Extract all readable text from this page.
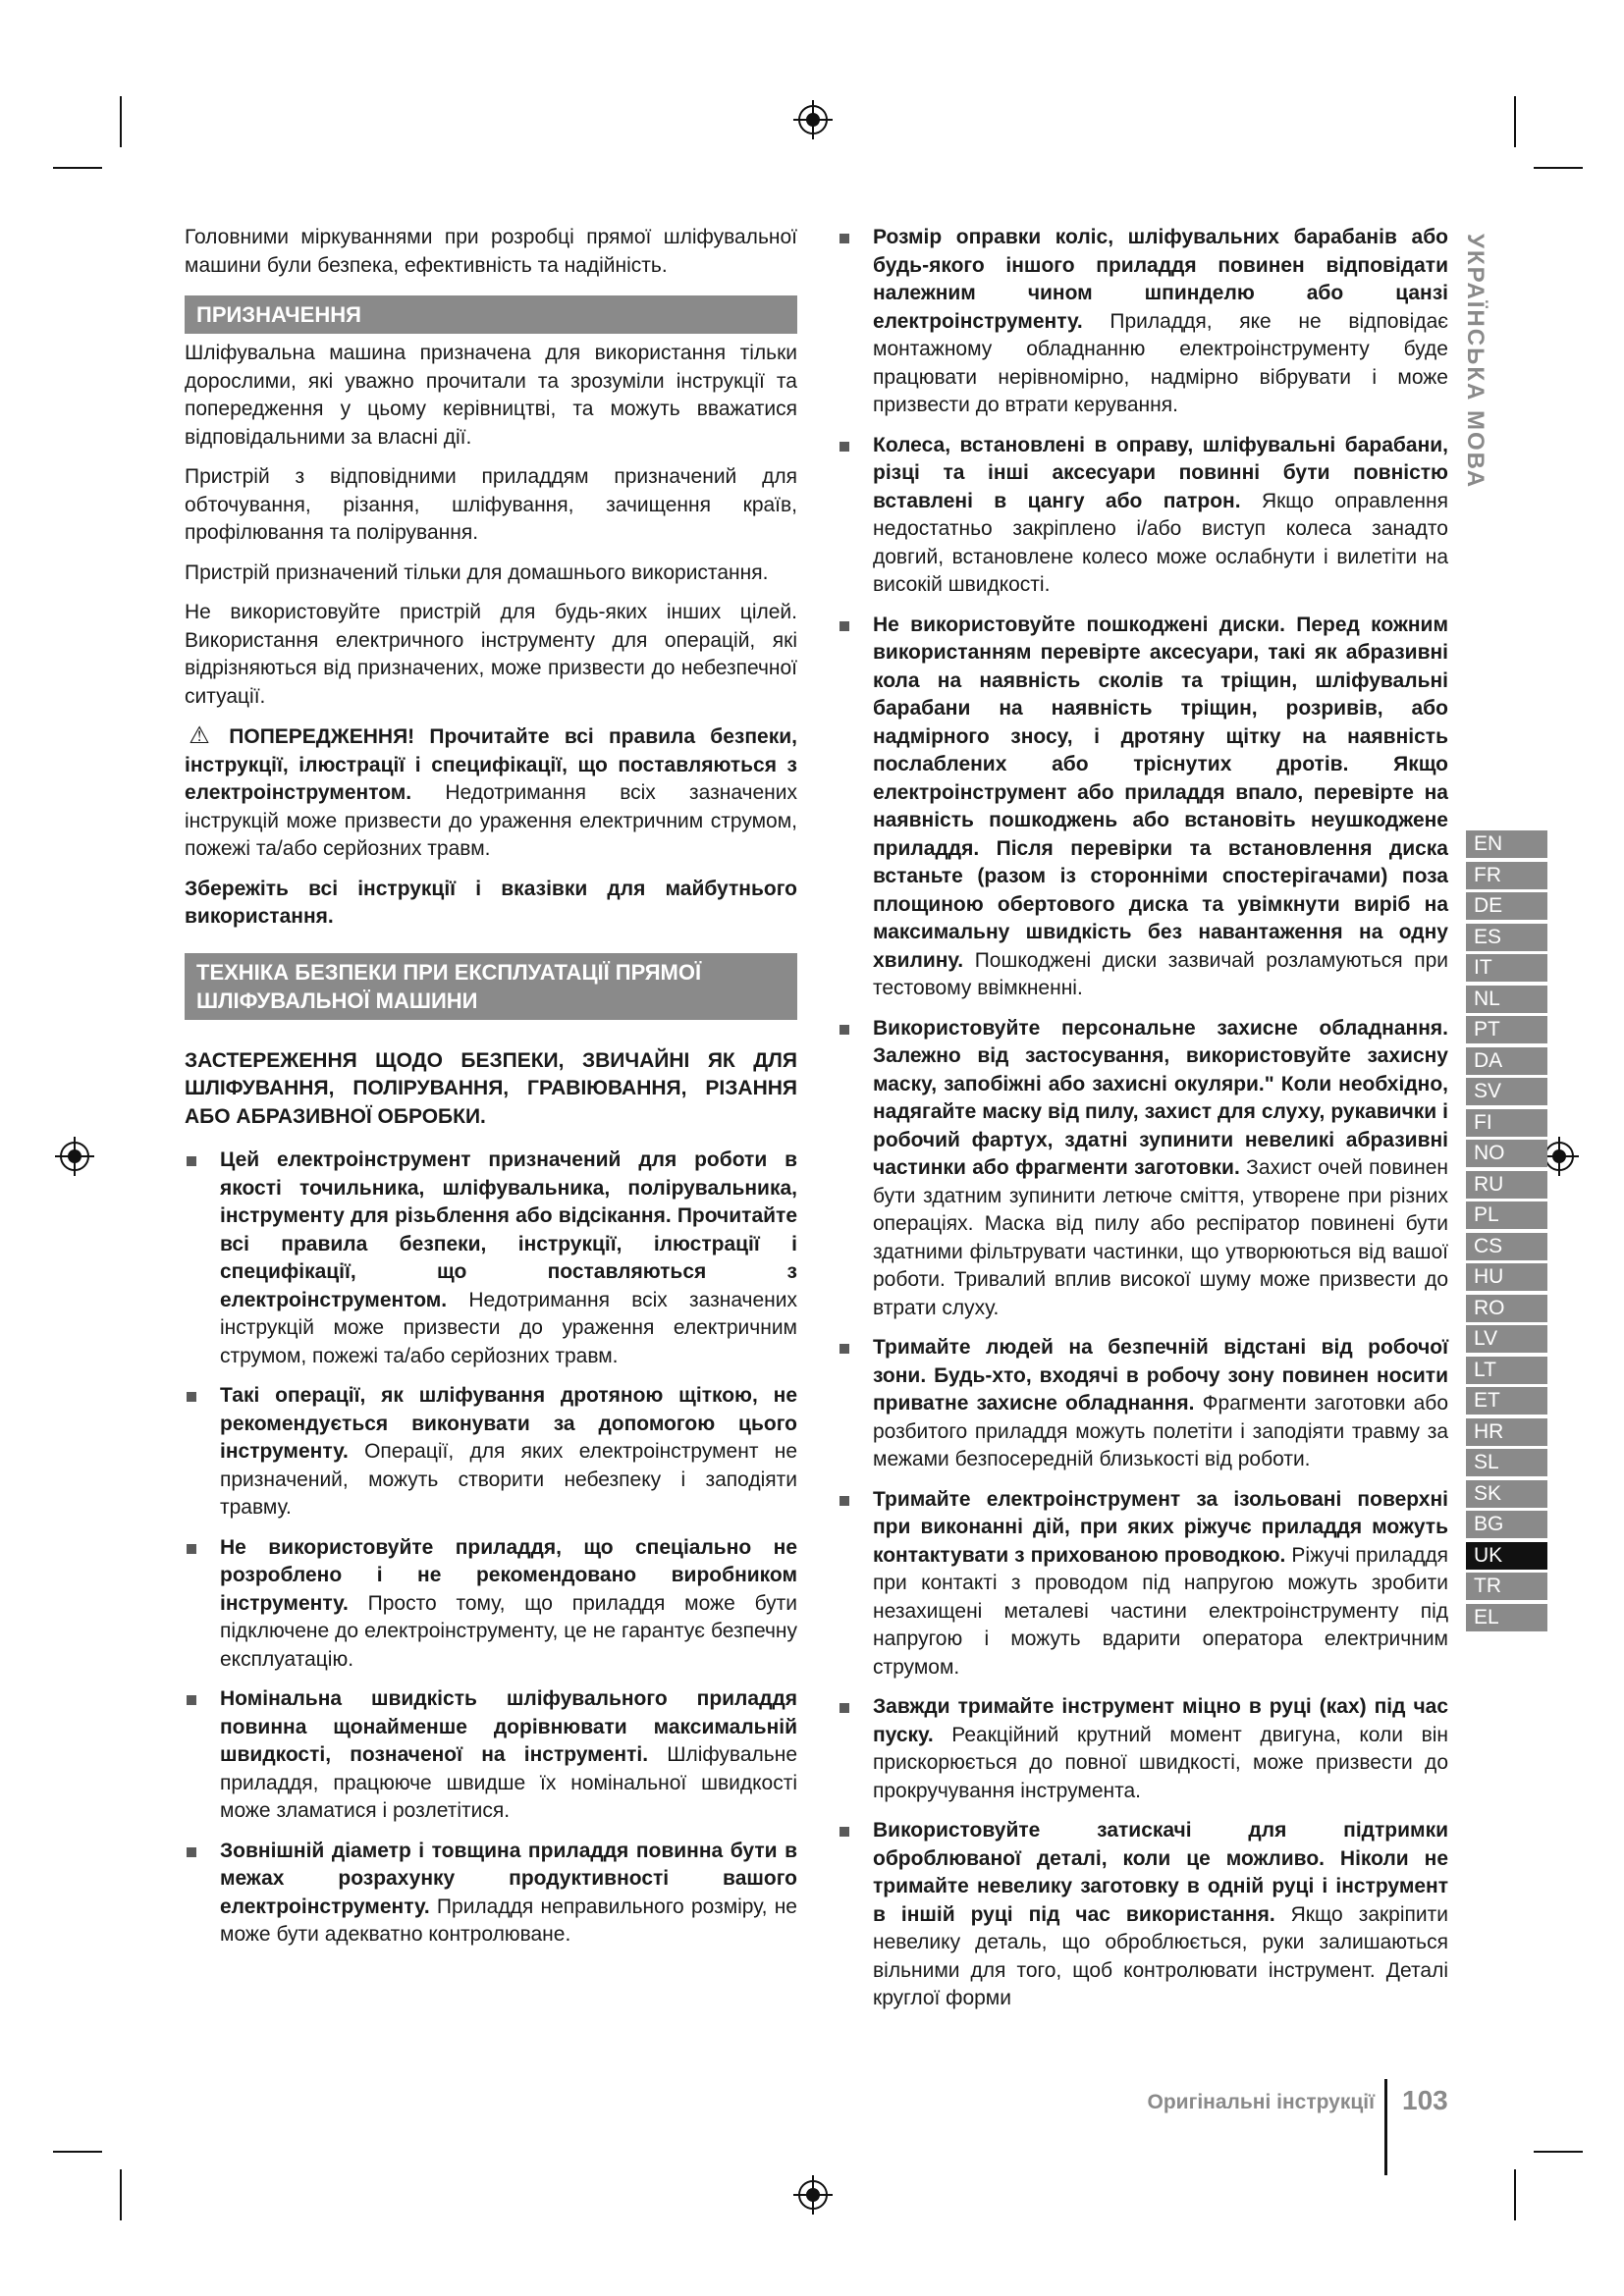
УКРАЇНСЬКА МОВА

Головними міркуваннями при розробці прямої шліфувальної машини були безпека, ефективність та надійність.

ПРИЗНАЧЕННЯ

Шліфувальна машина призначена для використання тільки дорослими, які уважно прочитали та зрозуміли інструкції та попередження у цьому керівництві, та можуть вважатися відповідальними за власні дії.

Пристрій з відповідними приладдям призначений для обточування, різання, шліфування, зачищення країв, профілювання та полірування.

Пристрій призначений тільки для домашнього використання.

Не використовуйте пристрій для будь-яких інших цілей. Використання електричного інструменту для операцій, які відрізняються від призначених, може призвести до небезпечної ситуації.

⚠ ПОПЕРЕДЖЕННЯ! Прочитайте всі правила безпеки, інструкції, ілюстрації і специфікації, що поставляються з електроінструментом. Недотримання всіх зазначених інструкцій може призвести до ураження електричним струмом, пожежі та/або серйозних травм.

Збережіть всі інструкції і вказівки для майбутнього використання.

ТЕХНІКА БЕЗПЕКИ ПРИ ЕКСПЛУАТАЦІЇ ПРЯМОЇ ШЛІФУВАЛЬНОЇ МАШИНИ

ЗАСТЕРЕЖЕННЯ ЩОДО БЕЗПЕКИ, ЗВИЧАЙНІ ЯК ДЛЯ ШЛІФУВАННЯ, ПОЛІРУВАННЯ, ГРАВІЮВАННЯ, РІЗАННЯ АБО АБРАЗИВНОЇ ОБРОБКИ.

Цей електроінструмент призначений для роботи в якості точильника, шліфувальника, полірувальника, інструменту для різьблення або відсікання. Прочитайте всі правила безпеки, інструкції, ілюстрації і специфікації, що поставляються з електроінструментом. Недотримання всіх зазначених інструкцій може призвести до ураження електричним струмом, пожежі та/або серйозних травм.
Такі операції, як шліфування дротяною щіткою, не рекомендується виконувати за допомогою цього інструменту. Операції, для яких електроінструмент не призначений, можуть створити небезпеку і заподіяти травму.
Не використовуйте приладдя, що спеціально не розроблено і не рекомендовано виробником інструменту. Просто тому, що приладдя може бути підключене до електроінструменту, це не гарантує безпечну експлуатацію.
Номінальна швидкість шліфувального приладдя повинна щонайменше дорівнювати максимальній швидкості, позначеної на інструменті. Шліфувальне приладдя, працююче швидше їх номінальної швидкості може зламатися і розлетітися.
Зовнішній діаметр і товщина приладдя повинна бути в межах розрахунку продуктивності вашого електроінструменту. Приладдя неправильного розміру, не може бути адекватно контролюване.
Розмір оправки коліс, шліфувальних барабанів або будь-якого іншого приладдя повинен відповідати належним чином шпинделю або цанзі електроінструменту. Приладдя, яке не відповідає монтажному обладнанню електроінструменту буде працювати нерівномірно, надмірно вібрувати і може призвести до втрати керування.
Колеса, встановлені в оправу, шліфувальні барабани, різці та інші аксесуари повинні бути повністю вставлені в цангу або патрон. Якщо оправлення недостатньо закріплено і/або виступ колеса занадто довгий, встановлене колесо може ослабнути і вилетіти на високій швидкості.
Не використовуйте пошкоджені диски. Перед кожним використанням перевірте аксесуари, такі як абразивні кола на наявність сколів та тріщин, шліфувальні барабани на наявність тріщин, розривів, або надмірного зносу, і дротяну щітку на наявність послаблених або тріснутих дротів. Якщо електроінструмент або приладдя впало, перевірте на наявність пошкоджень або встановіть неушкоджене приладдя. Після перевірки та встановлення диска встаньте (разом із сторонніми спостерігачами) поза площиною обертового диска та увімкнути виріб на максимальну швидкість без навантаження на одну хвилину. Пошкоджені диски зазвичай розламуються при тестовому ввімкненні.
Використовуйте персональне захисне обладнання. Залежно від застосування, використовуйте захисну маску, запобіжні або захисні окуляри." Коли необхідно, надягайте маску від пилу, захист для слуху, рукавички і робочий фартух, здатні зупинити невеликі абразивні частинки або фрагменти заготовки. Захист очей повинен бути здатним зупинити летюче сміття, утворене при різних операціях. Маска від пилу або респіратор повинені бути здатними фільтрувати частинки, що утворюються від вашої роботи. Тривалий вплив високої шуму може призвести до втрати слуху.
Тримайте людей на безпечній відстані від робочої зони. Будь-хто, входячі в робочу зону повинен носити приватне захисне обладнання. Фрагменти заготовки або розбитого приладдя можуть полетіти і заподіяти травму за межами безпосередній близькості від роботи.
Тримайте електроінструмент за ізольовані поверхні при виконанні дій, при яких ріжучє приладдя можуть контактувати з прихованою проводкою. Ріжучі приладдя при контакті з проводом під напругою можуть зробити незахищені металеві частини електроінструменту під напругою і можуть вдарити оператора електричним струмом.
Завжди тримайте інструмент міцно в руці (ках) під час пуску. Реакційний крутний момент двигуна, коли він прискорюється до повної швидкості, може призвести до прокручування інструмента.
Використовуйте затискачі для підтримки оброблюваної деталі, коли це можливо. Ніколи не тримайте невелику заготовку в одній руці і інструмент в іншій руці під час використання. Якщо закріпити невелику деталь, що оброблюється, руки залишаються вільними для того, щоб контролювати інструмент. Деталі круглої форми
EN
FR
DE
ES
IT
NL
PT
DA
SV
FI
NO
RU
PL
CS
HU
RO
LV
LT
ET
HR
SL
SK
BG
UK
TR
EL
Оригінальні інструкції 103
